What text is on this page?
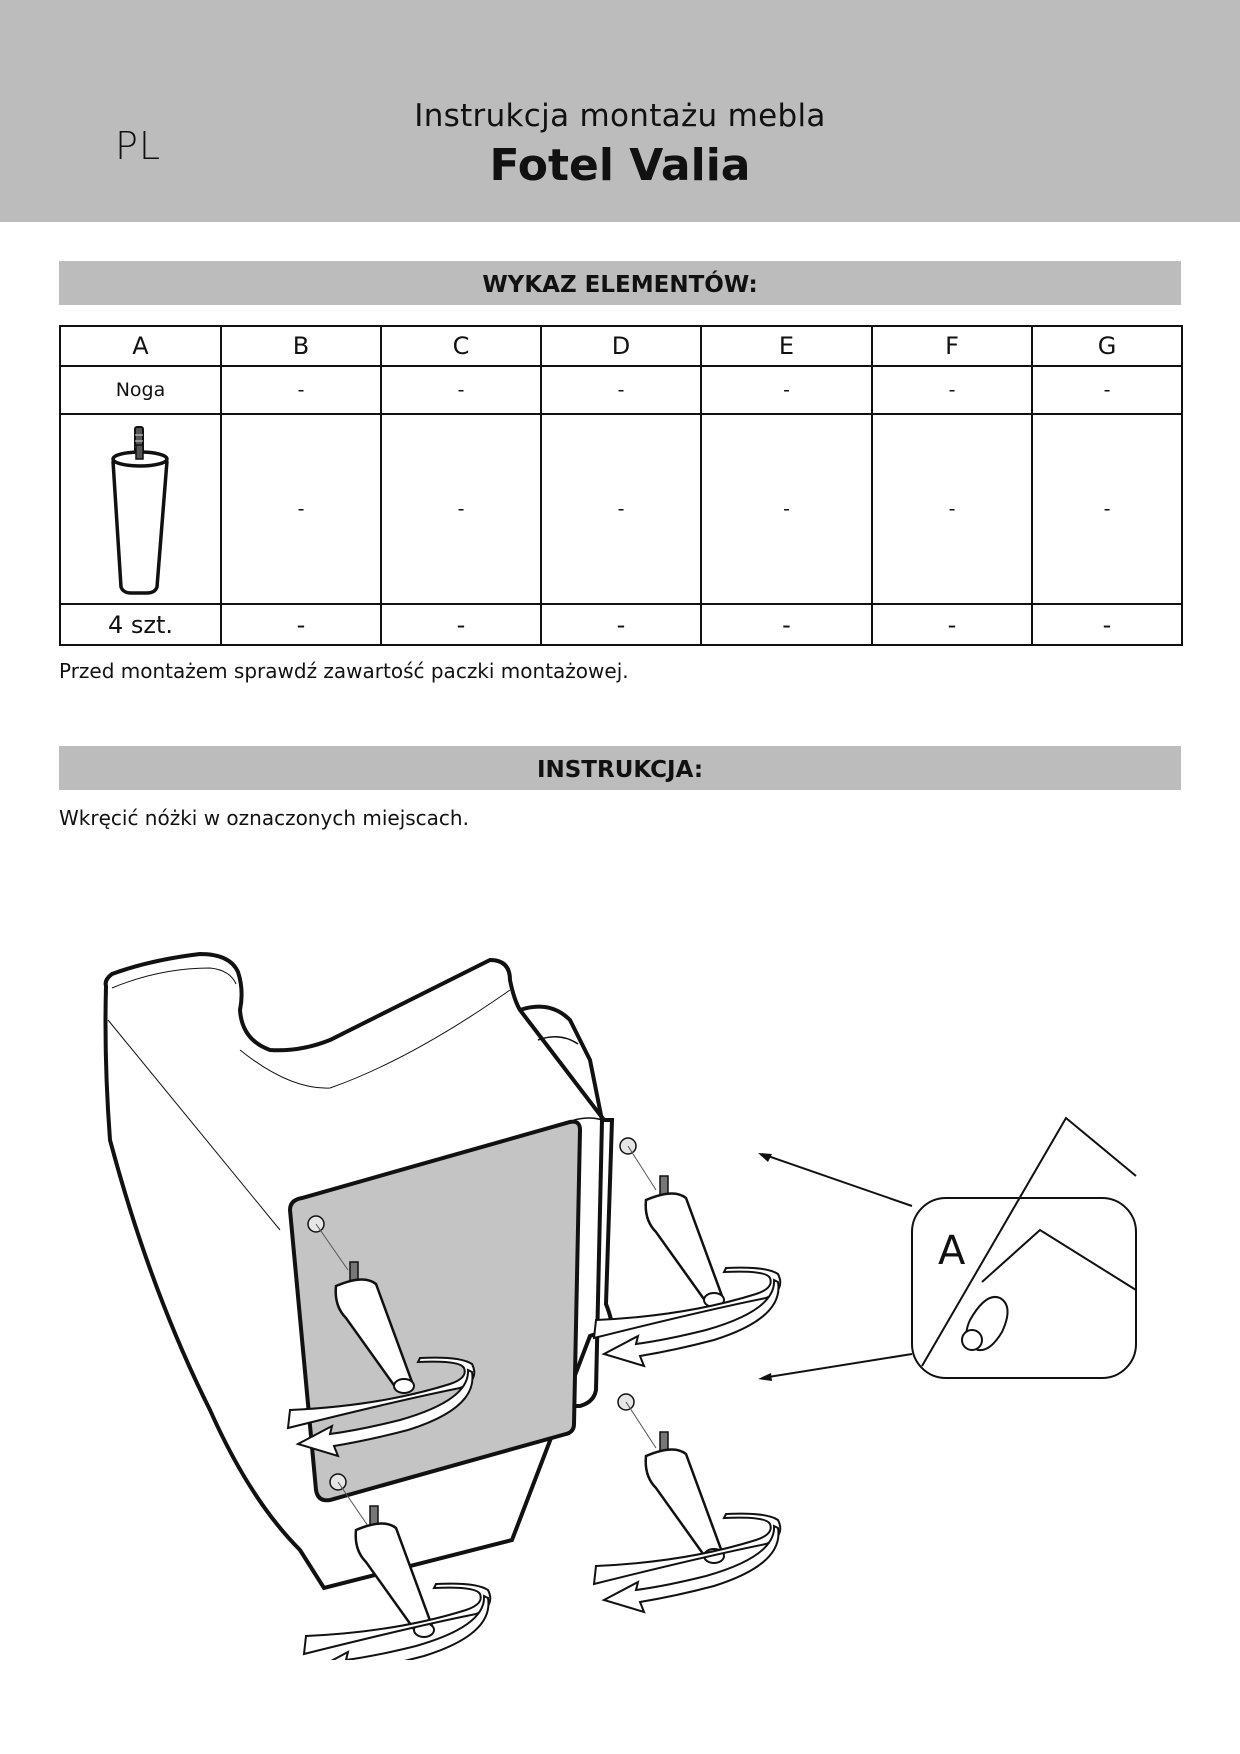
PL
Instrukcja montażu mebla
Fotel Valia
WYKAZ ELEMENTÓW:
A	B	C	D	E	F	G
Noga	-	-	-	-	-	-

	-	-	-	-	-	-
4 szt.	-	-	-	-	-	-
Przed montażem sprawdź zawartość paczki montażowej.
INSTRUKCJA:
Wkręcić nóżki w oznaczonych miejscach.
A
